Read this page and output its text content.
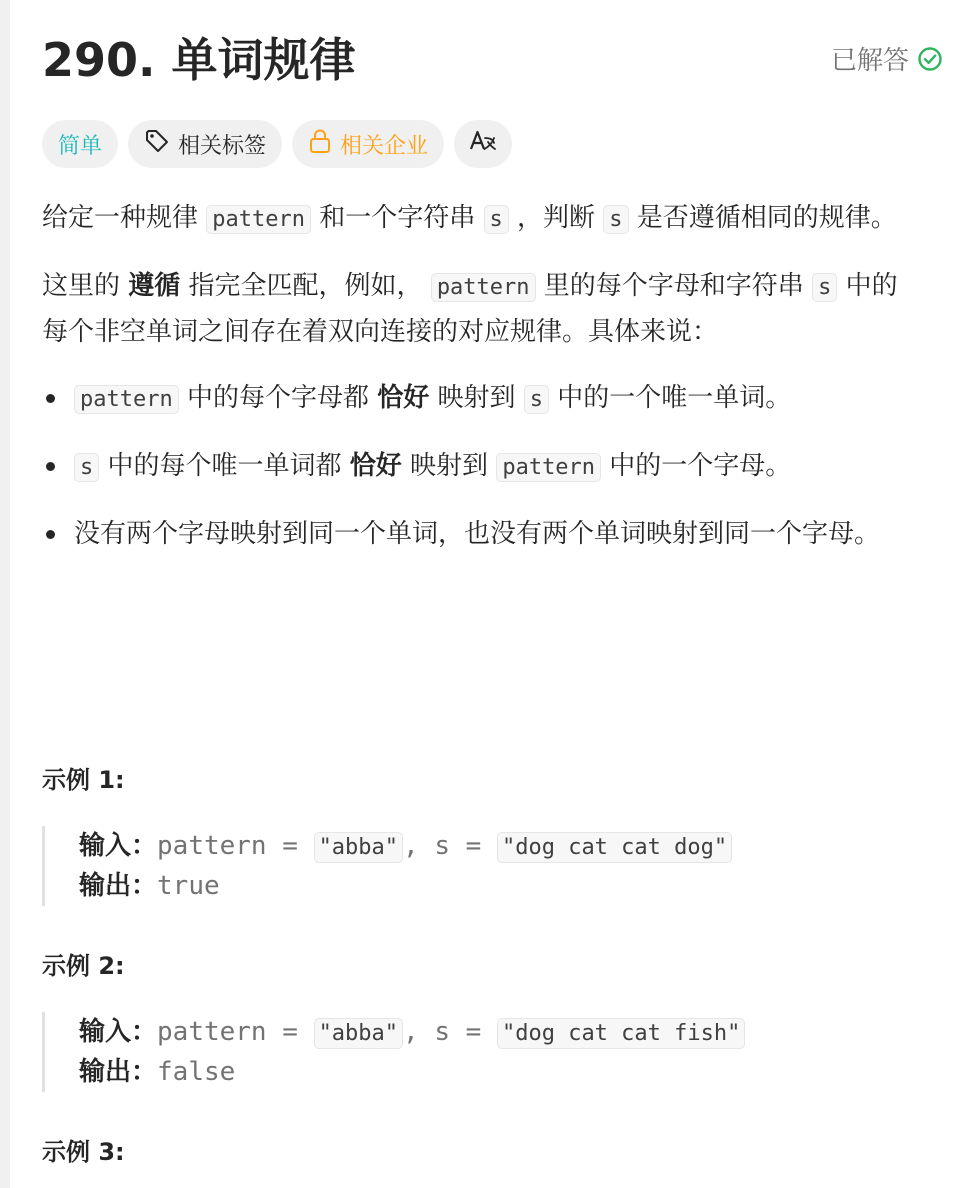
290. 单词规律	已解答
简单	相关标签	相关企业

给定一种规律 pattern 和一个字符串 s ，判断 s 是否遵循相同的规律。

这里的 遵循 指完全匹配，例如， pattern 里的每个字母和字符串 s 中的每个非空单词之间存在着双向连接的对应规律。具体来说：

pattern 中的每个字母都 恰好 映射到 s 中的一个唯一单词。
s 中的每个唯一单词都 恰好 映射到 pattern 中的一个字母。
没有两个字母映射到同一个单词，也没有两个单词映射到同一个字母。
示例 1:
输入：pattern = "abba" , s = "dog cat cat dog"
输出：true
示例 2:
输入：pattern = "abba" , s = "dog cat cat fish"
输出：false
示例 3:
